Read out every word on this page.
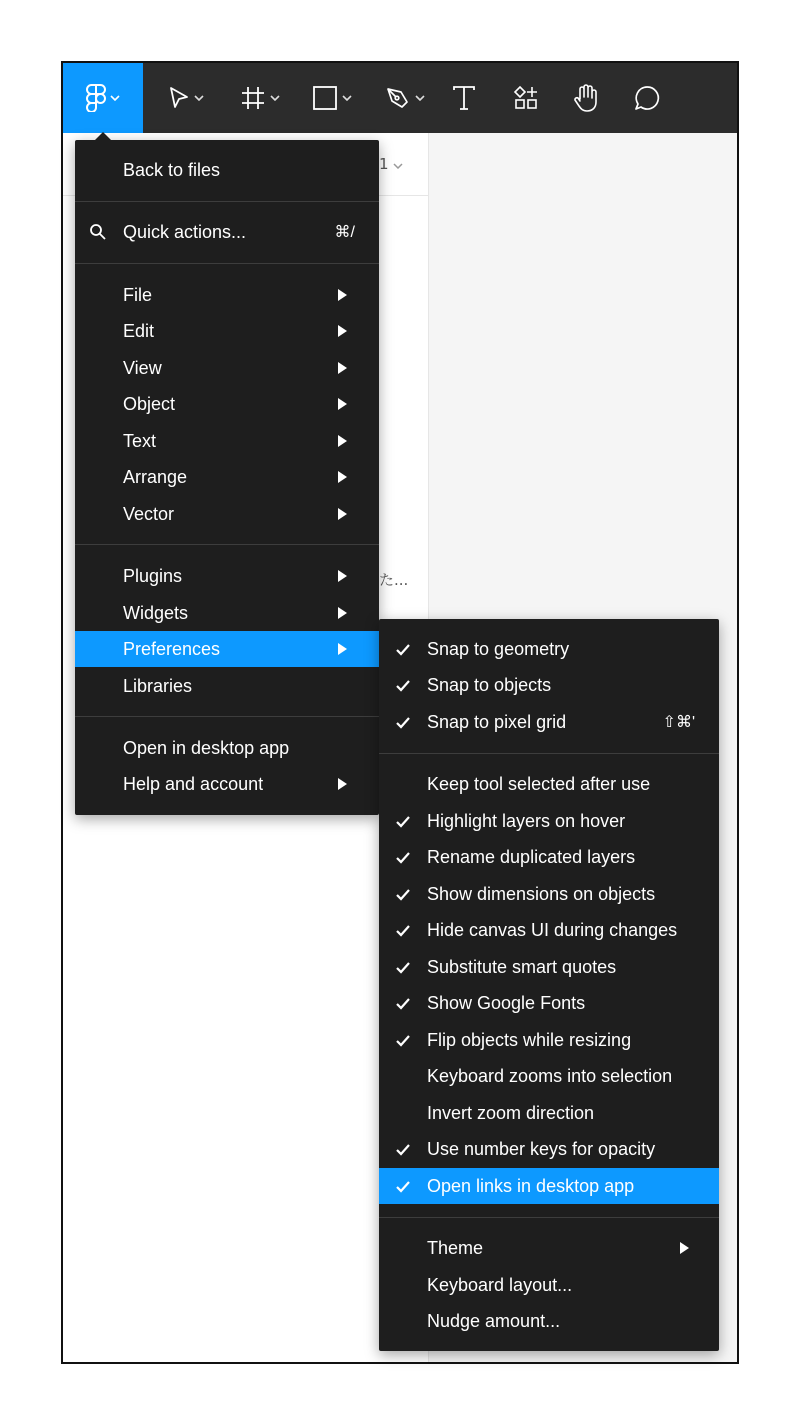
1
た...
Back to files
Quick actions...	⌘/
File
Edit
View
Object
Text
Arrange
Vector
Plugins
Widgets
Preferences
Libraries
Open in desktop app
Help and account
Snap to geometry
Snap to objects
Snap to pixel grid	⇧⌘'
Keep tool selected after use
Highlight layers on hover
Rename duplicated layers
Show dimensions on objects
Hide canvas UI during changes
Substitute smart quotes
Show Google Fonts
Flip objects while resizing
Keyboard zooms into selection
Invert zoom direction
Use number keys for opacity
Open links in desktop app
Theme
Keyboard layout...
Nudge amount...
